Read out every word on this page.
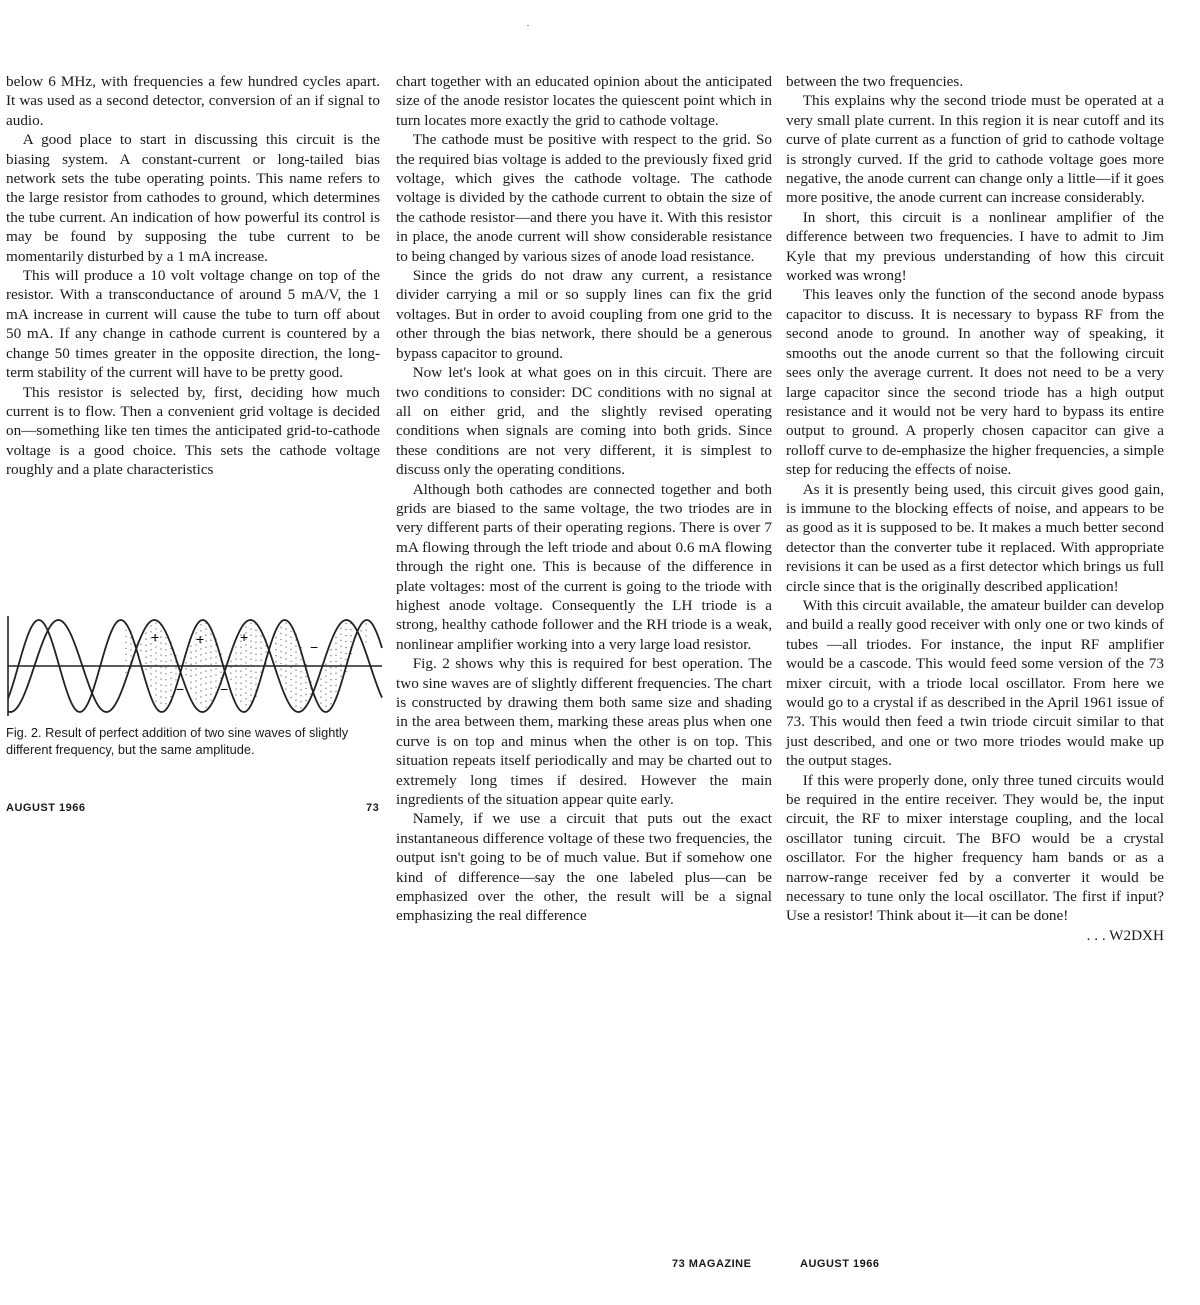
below 6 MHz, with frequencies a few hundred cycles apart. It was used as a second detector, conversion of an if signal to audio.

A good place to start in discussing this circuit is the biasing system. A constant-current or long-tailed bias network sets the tube operating points. This name refers to the large resistor from cathodes to ground, which determines the tube current. An indication of how powerful its control is may be found by supposing the tube current to be momentarily disturbed by a 1 mA increase.

This will produce a 10 volt voltage change on top of the resistor. With a transconductance of around 5 mA/V, the 1 mA increase in current will cause the tube to turn off about 50 mA. If any change in cathode current is countered by a change 50 times greater in the opposite direction, the long-term stability of the current will have to be pretty good.

This resistor is selected by, first, deciding how much current is to flow. Then a convenient grid voltage is decided on—something like ten times the anticipated grid-to-cathode voltage is a good choice. This sets the cathode voltage roughly and a plate characteristics

+	+	+
−	−
−
Fig. 2. Result of perfect addition of two sine waves of slightly different frequency, but the same amplitude.
AUGUST 1966	73

chart together with an educated opinion about the anticipated size of the anode resistor locates the quiescent point which in turn locates more exactly the grid to cathode voltage.

The cathode must be positive with respect to the grid. So the required bias voltage is added to the previously fixed grid voltage, which gives the cathode voltage. The cathode voltage is divided by the cathode current to obtain the size of the cathode resistor—and there you have it. With this resistor in place, the anode current will show considerable resistance to being changed by various sizes of anode load resistance.

Since the grids do not draw any current, a resistance divider carrying a mil or so supply lines can fix the grid voltages. But in order to avoid coupling from one grid to the other through the bias network, there should be a generous bypass capacitor to ground.

Now let's look at what goes on in this circuit. There are two conditions to consider: DC conditions with no signal at all on either grid, and the slightly revised operating conditions when signals are coming into both grids. Since these conditions are not very different, it is simplest to discuss only the operating conditions.

Although both cathodes are connected together and both grids are biased to the same voltage, the two triodes are in very different parts of their operating regions. There is over 7 mA flowing through the left triode and about 0.6 mA flowing through the right one. This is because of the difference in plate voltages: most of the current is going to the triode with highest anode voltage. Consequently the LH triode is a strong, healthy cathode follower and the RH triode is a weak, nonlinear amplifier working into a very large load resistor.

Fig. 2 shows why this is required for best operation. The two sine waves are of slightly different frequencies. The chart is constructed by drawing them both same size and shading in the area between them, marking these areas plus when one curve is on top and minus when the other is on top. This situation repeats itself periodically and may be charted out to extremely long times if desired. However the main ingredients of the situation appear quite early.

Namely, if we use a circuit that puts out the exact instantaneous difference voltage of these two frequencies, the output isn't going to be of much value. But if somehow one kind of difference—say the one labeled plus—can be emphasized over the other, the result will be a signal emphasizing the real difference

between the two frequencies.

This explains why the second triode must be operated at a very small plate current. In this region it is near cutoff and its curve of plate current as a function of grid to cathode voltage is strongly curved. If the grid to cathode voltage goes more negative, the anode current can change only a little—if it goes more positive, the anode current can increase considerably.

In short, this circuit is a nonlinear amplifier of the difference between two frequencies. I have to admit to Jim Kyle that my previous understanding of how this circuit worked was wrong!

This leaves only the function of the second anode bypass capacitor to discuss. It is necessary to bypass RF from the second anode to ground. In another way of speaking, it smooths out the anode current so that the following circuit sees only the average current. It does not need to be a very large capacitor since the second triode has a high output resistance and it would not be very hard to bypass its entire output to ground. A properly chosen capacitor can give a rolloff curve to de-emphasize the higher frequencies, a simple step for reducing the effects of noise.

As it is presently being used, this circuit gives good gain, is immune to the blocking effects of noise, and appears to be as good as it is supposed to be. It makes a much better second detector than the converter tube it replaced. With appropriate revisions it can be used as a first detector which brings us full circle since that is the originally described application!

With this circuit available, the amateur builder can develop and build a really good receiver with only one or two kinds of tubes —all triodes. For instance, the input RF amplifier would be a cascode. This would feed some version of the 73 mixer circuit, with a triode local oscillator. From here we would go to a crystal if as described in the April 1961 issue of 73. This would then feed a twin triode circuit similar to that just described, and one or two more triodes would make up the output stages.

If this were properly done, only three tuned circuits would be required in the entire receiver. They would be, the input circuit, the RF to mixer interstage coupling, and the local oscillator tuning circuit. The BFO would be a crystal oscillator. For the higher frequency ham bands or as a narrow-range receiver fed by a converter it would be necessary to tune only the local oscillator. The first if input? Use a resistor! Think about it—it can be done!

. . . W2DXH

73 MAGAZINE	AUGUST 1966
